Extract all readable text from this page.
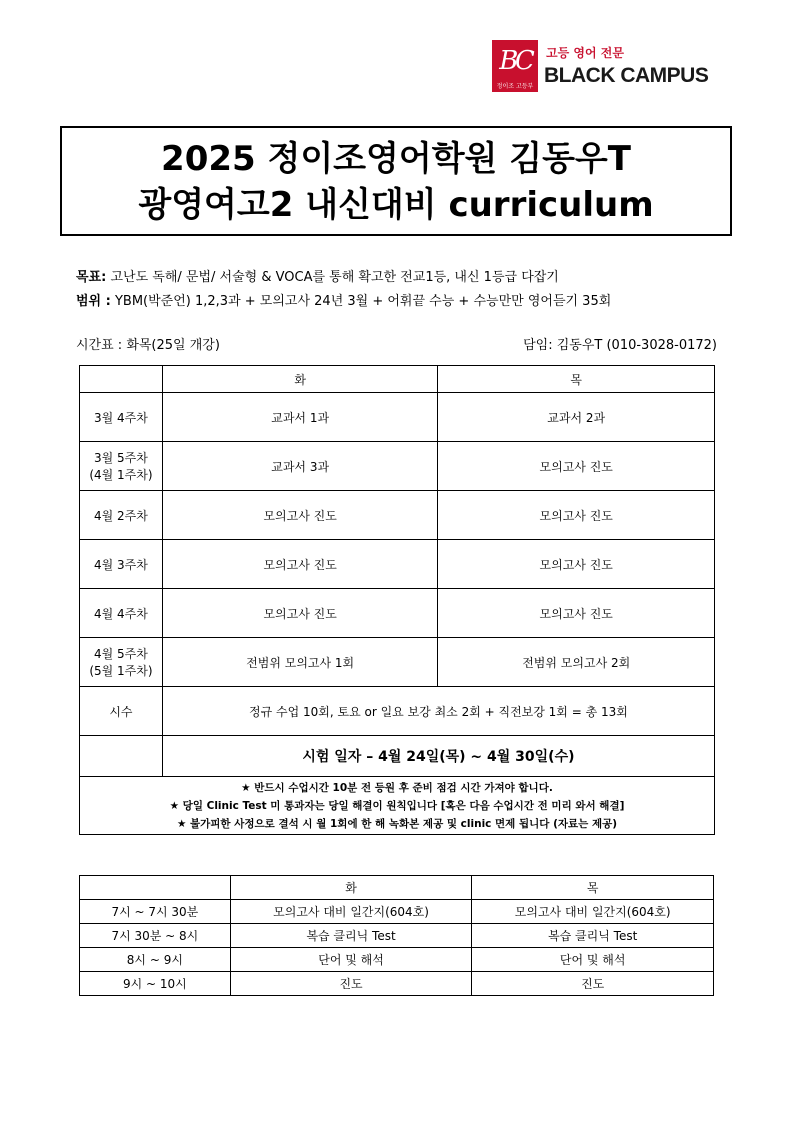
BC
정이조 고등부
고등 영어 전문
BLACK CAMPUS
2025 정이조영어학원 김동우T
광영여고2 내신대비 curriculum
목표: 고난도 독해/ 문법/ 서술형 & VOCA를 통해 확고한 전교1등, 내신 1등급 다잡기
범위 : YBM(박준언) 1,2,3과 + 모의고사 24년 3월 + 어휘끝 수능 + 수능만만 영어듣기 35회
시간표 : 화목(25일 개강)	담임: 김동우T (010-3028-0172)
	화	목
3월 4주차	교과서 1과	교과서 2과
3월 5주차
(4월 1주차)	교과서 3과	모의고사 진도
4월 2주차	모의고사 진도	모의고사 진도
4월 3주차	모의고사 진도	모의고사 진도
4월 4주차	모의고사 진도	모의고사 진도
4월 5주차
(5월 1주차)	전범위 모의고사 1회	전범위 모의고사 2회
시수	정규 수업 10회, 토요 or 일요 보강 최소 2회 + 직전보강 1회 = 총 13회	
	시험 일자 – 4월 24일(목) ~ 4월 30일(수)	

★ 반드시 수업시간 10분 전 등원 후 준비 점검 시간 가져야 합니다.
★ 당일 Clinic Test 미 통과자는 당일 해결이 원칙입니다 [혹은 다음 수업시간 전 미리 와서 해결]
★ 불가피한 사정으로 결석 시 월 1회에 한 해 녹화본 제공 및 clinic 면제 됩니다 (자료는 제공)		
	화	목
7시 ~ 7시 30분	모의고사 대비 일간지(604호)	모의고사 대비 일간지(604호)
7시 30분 ~ 8시	복습 클리닉 Test	복습 클리닉 Test
8시 ~ 9시	단어 및 해석	단어 및 해석
9시 ~ 10시	진도	진도
